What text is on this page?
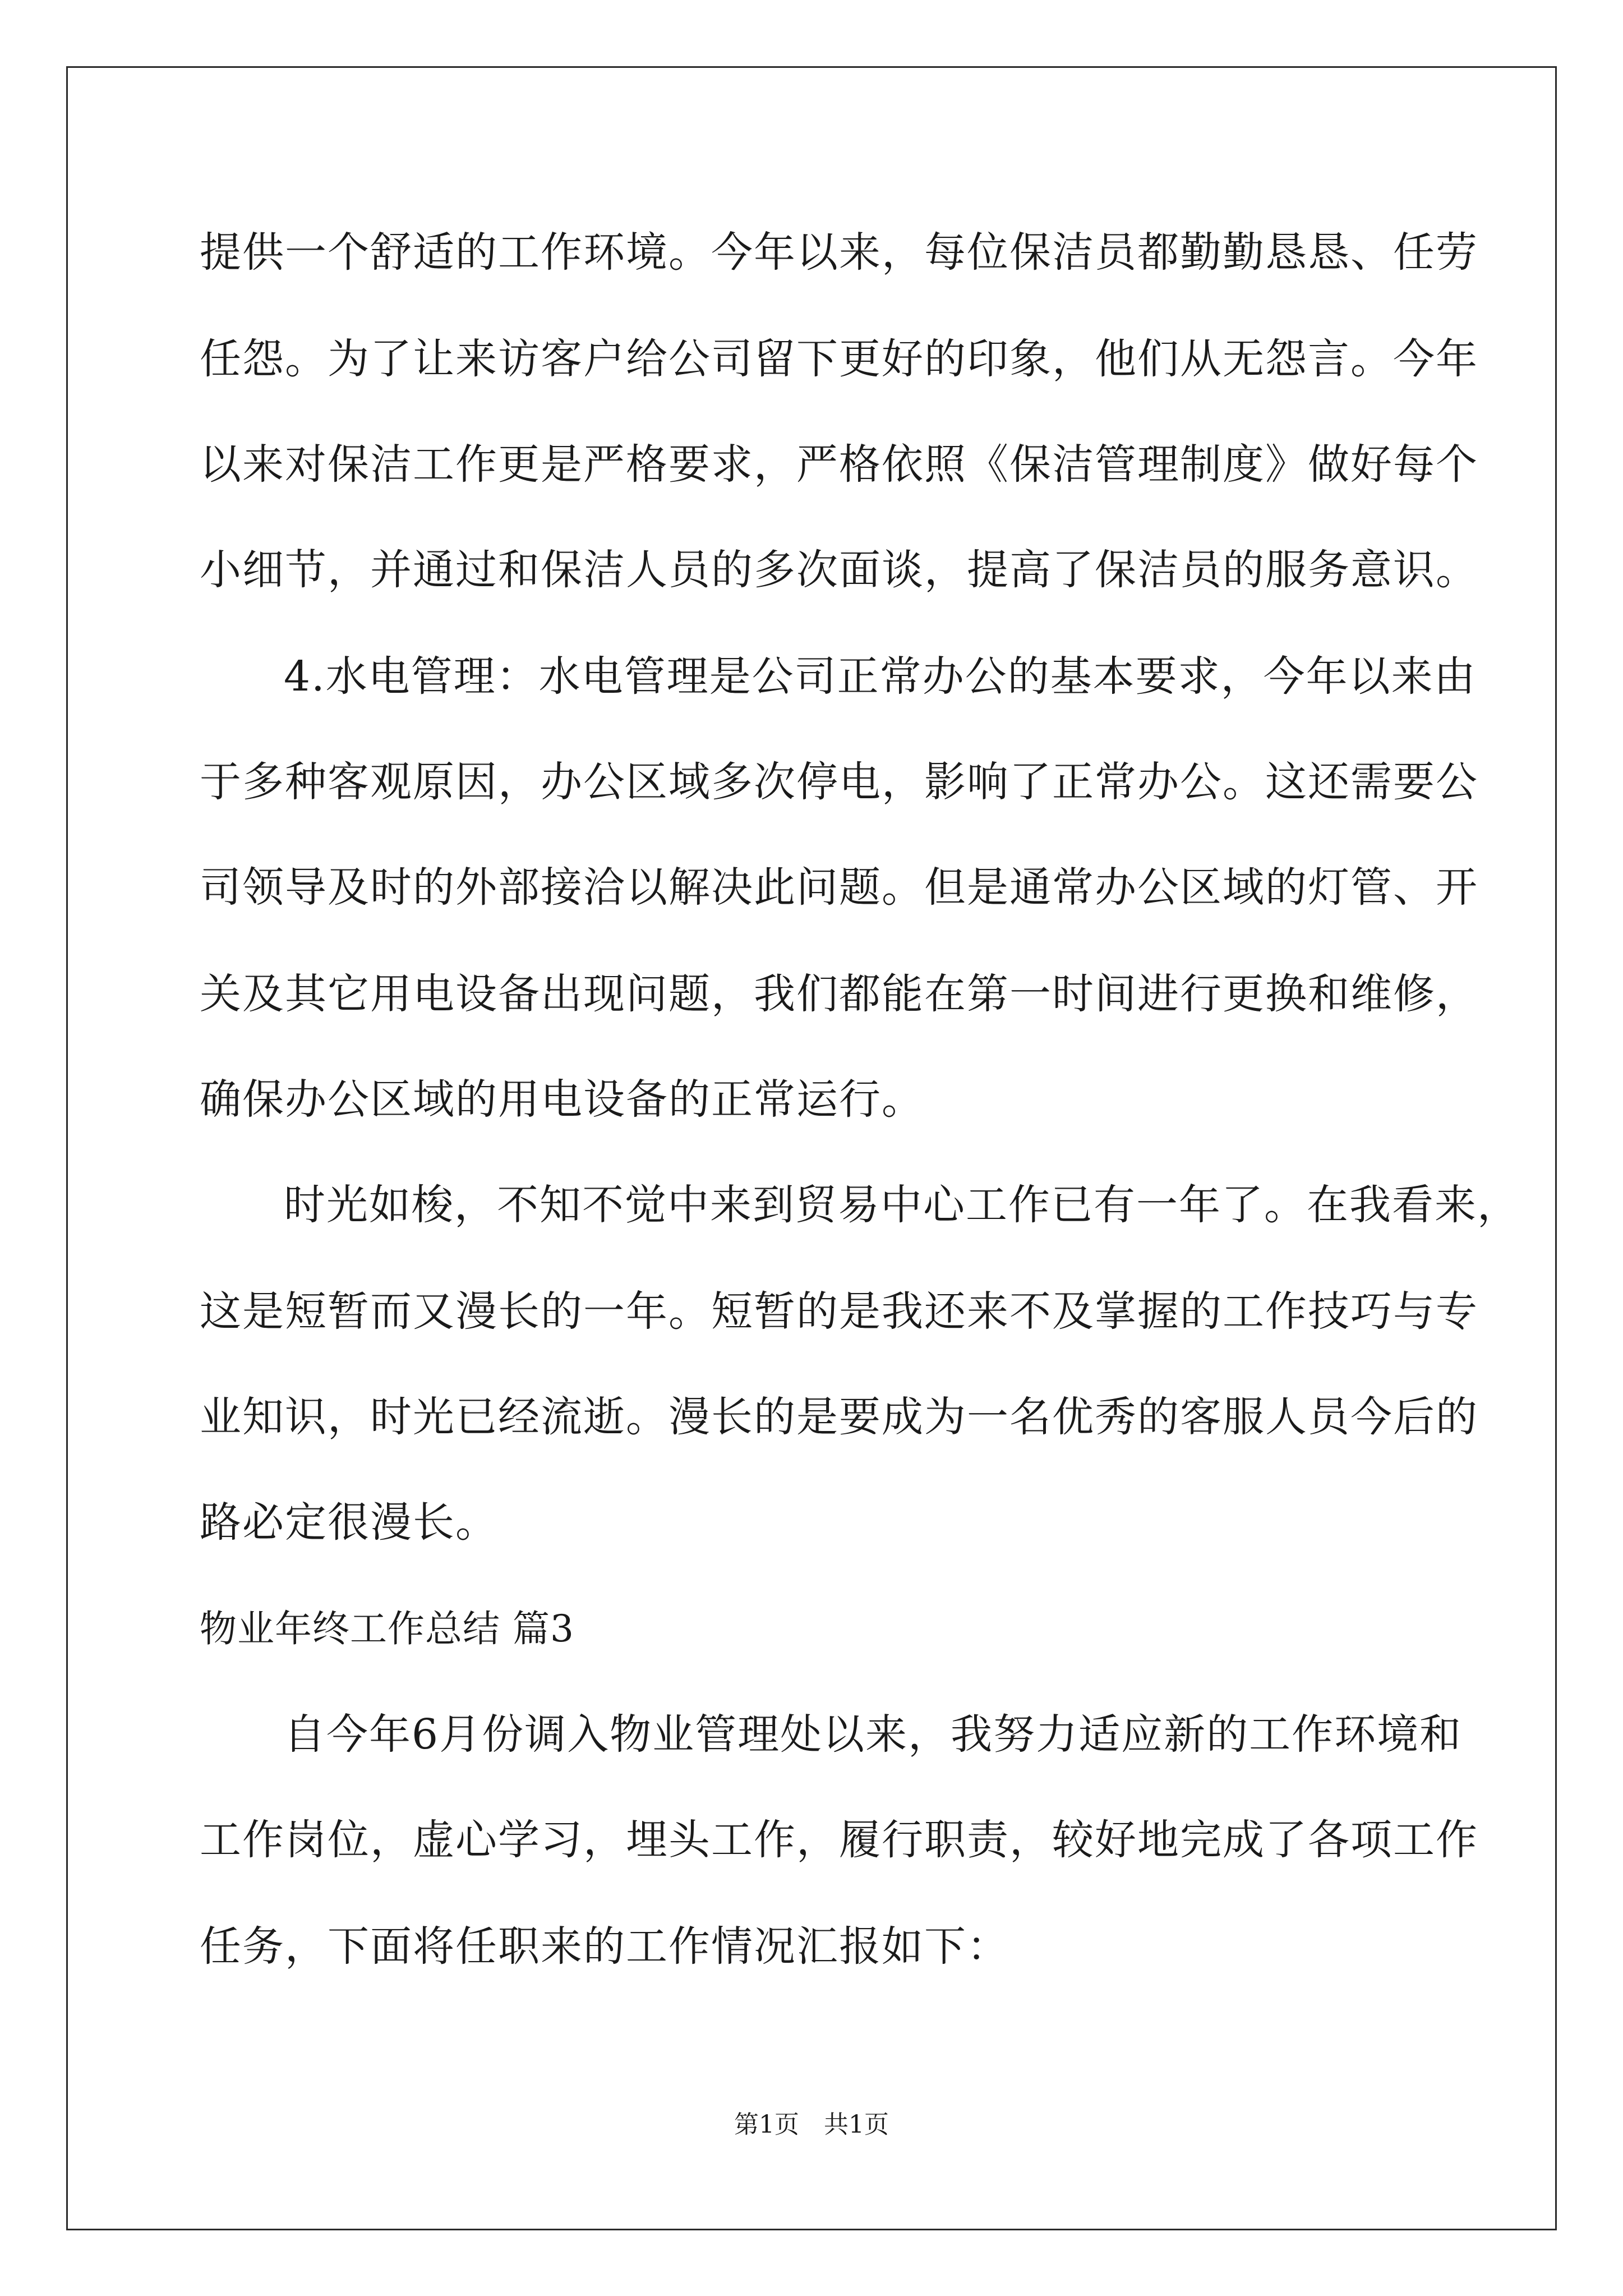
提供一个舒适的工作环境。今年以来，每位保洁员都勤勤恳恳、任劳
任怨。为了让来访客户给公司留下更好的印象，他们从无怨言。今年
以来对保洁工作更是严格要求，严格依照《保洁管理制度》做好每个
小细节，并通过和保洁人员的多次面谈，提高了保洁员的服务意识。
4.水电管理：水电管理是公司正常办公的基本要求，今年以来由
于多种客观原因，办公区域多次停电，影响了正常办公。这还需要公
司领导及时的外部接洽以解决此问题。但是通常办公区域的灯管、开
关及其它用电设备出现问题，我们都能在第一时间进行更换和维修，
确保办公区域的用电设备的正常运行。
时光如梭，不知不觉中来到贸易中心工作已有一年了。在我看来，
这是短暂而又漫长的一年。短暂的是我还来不及掌握的工作技巧与专
业知识，时光已经流逝。漫长的是要成为一名优秀的客服人员今后的
路必定很漫长。
物业年终工作总结 篇3
自今年6月份调入物业管理处以来，我努力适应新的工作环境和
工作岗位，虚心学习，埋头工作，履行职责，较好地完成了各项工作
任务，下面将任职来的工作情况汇报如下：
第1页　共1页
